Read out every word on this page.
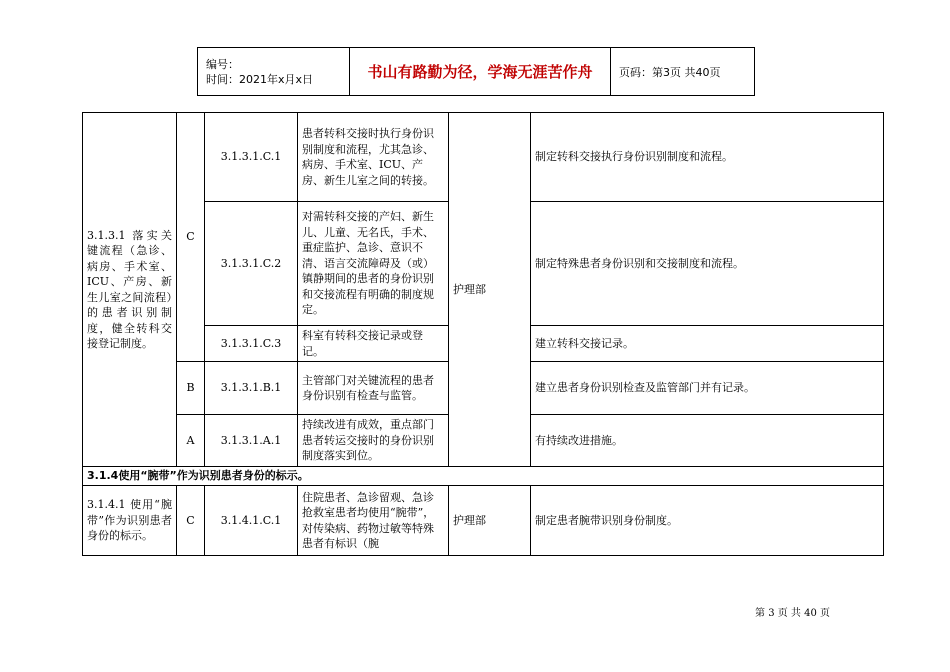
编号：
时间：2021年x月x日	书山有路勤为径，学海无涯苦作舟	页码：第3页 共40页
3.1.3.1 落实关键流程（急诊、病房、手术室、ICU、产房、新生儿室之间流程）的患者识别制度，健全转科交接登记制度。	C	3.1.3.1.C.1	患者转科交接时执行身份识别制度和流程，尤其急诊、病房、手术室、ICU、产房、新生儿室之间的转接。	护理部	制定转科交接执行身份识别制度和流程。
		3.1.3.1.C.2	对需转科交接的产妇、新生儿、儿童、无名氏，手术、重症监护、急诊、意识不清、语言交流障碍及（或）镇静期间的患者的身份识别和交接流程有明确的制度规定。		制定特殊患者身份识别和交接制度和流程。
		3.1.3.1.C.3	科室有转科交接记录或登记。		建立转科交接记录。
	B	3.1.3.1.B.1	主管部门对关键流程的患者身份识别有检查与监管。		建立患者身份识别检查及监管部门并有记录。
	A	3.1.3.1.A.1	持续改进有成效，重点部门患者转运交接时的身份识别制度落实到位。		有持续改进措施。
3.1.4使用“腕带”作为识别患者身份的标示。					
3.1.4.1 使用“腕带”作为识别患者身份的标示。	C	3.1.4.1.C.1	住院患者、急诊留观、急诊抢救室患者均使用“腕带”，对传染病、药物过敏等特殊患者有标识（腕	护理部	制定患者腕带识别身份制度。
第 3 页 共 40 页
